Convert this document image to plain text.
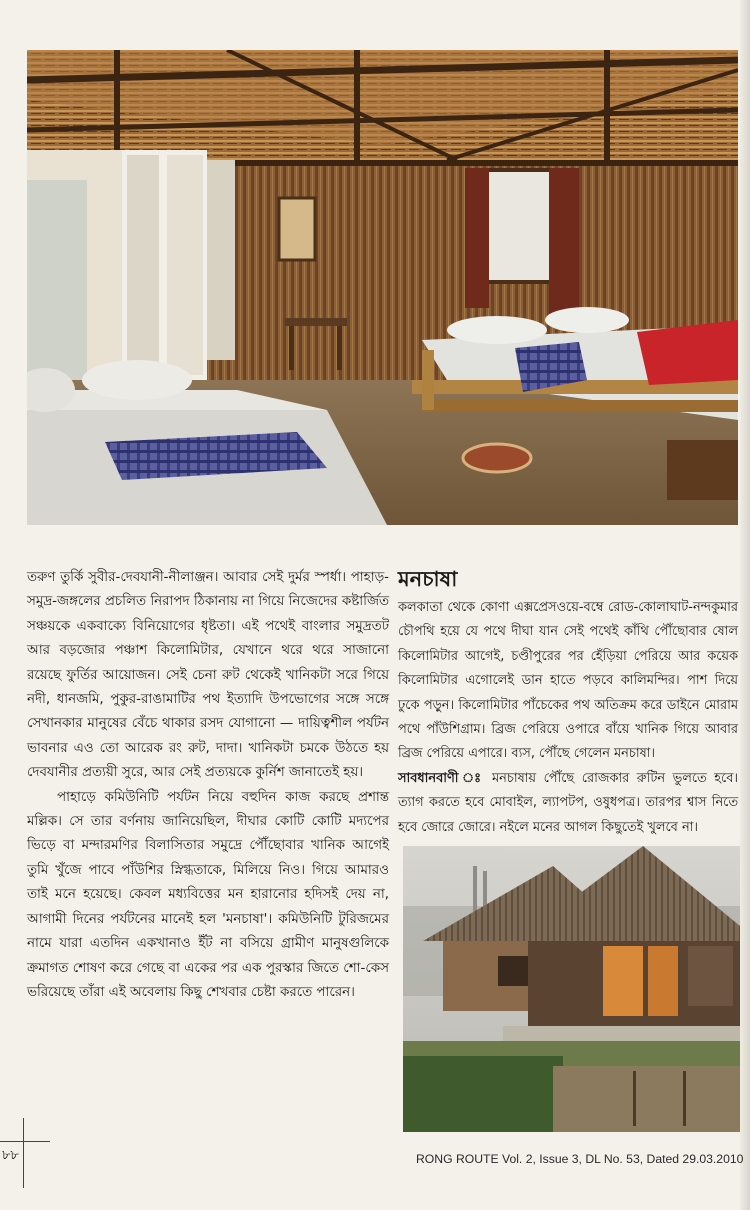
তরুণ তুর্কি সুবীর-দেবযানী-নীলাঞ্জন। আবার সেই দুর্মর স্পর্ধা। পাহাড়-সমুদ্র-জঙ্গলের প্রচলিত নিরাপদ ঠিকানায় না গিয়ে নিজেদের কষ্টার্জিত সঞ্চয়কে একবাক্যে বিনিয়োগের ধৃষ্টতা। এই পথেই বাংলার সমুদ্রতট আর বড়জোর পঞ্চাশ কিলোমিটার, যেখানে থরে থরে সাজানো রয়েছে ফুর্তির আয়োজন। সেই চেনা রুট থেকেই খানিকটা সরে গিয়ে নদী, ধানজমি, পুকুর-রাঙামাটির পথ ইত্যাদি উপভোগের সঙ্গে সঙ্গে সেখানকার মানুষের বেঁচে থাকার রসদ যোগানো — দায়িত্বশীল পর্যটন ভাবনার এও তো আরেক রং রুট, দাদা। খানিকটা চমকে উঠতে হয় দেবযানীর প্রত্যয়ী সুরে, আর সেই প্রত্যয়কে কুর্নিশ জানাতেই হয়।

পাহাড়ে কমিউনিটি পর্যটন নিয়ে বহুদিন কাজ করছে প্রশান্ত মল্লিক। সে তার বর্ণনায় জানিয়েছিল, দীঘার কোটি কোটি মদ্যপের ভিড়ে বা মন্দারমণির বিলাসিতার সমুদ্রে পৌঁছোবার খানিক আগেই তুমি খুঁজে পাবে পাঁউশির স্নিগ্ধতাকে, মিলিয়ে নিও। গিয়ে আমারও তাই মনে হয়েছে। কেবল মধ্যবিত্তের মন হারানোর হদিসই দেয় না, আগামী দিনের পর্যটনের মানেই হল 'মনচাষা'। কমিউনিটি টুরিজমের নামে যারা এতদিন একখানাও ইঁট না বসিয়ে গ্রামীণ মানুষগুলিকে ক্রমাগত শোষণ করে গেছে বা একের পর এক পুরস্কার জিতে শো-কেস ভরিয়েছে তাঁরা এই অবেলায় কিছু শেখবার চেষ্টা করতে পারেন।

মনচাষা

কলকাতা থেকে কোণা এক্সপ্রেসওয়ে-বম্বে রোড-কোলাঘাট-নন্দকুমার চৌপথি হয়ে যে পথে দীঘা যান সেই পথেই কাঁথি পৌঁছোবার ষোল কিলোমিটার আগেই, চণ্ডীপুরের পর হেঁড়িয়া পেরিয়ে আর কয়েক কিলোমিটার এগোলেই ডান হাতে পড়বে কালিমন্দির। পাশ দিয়ে ঢুকে পড়ুন। কিলোমিটার পাঁচেকের পথ অতিক্রম করে ডাইনে মোরাম পথে পাঁউশিগ্রাম। ব্রিজ পেরিয়ে ওপারে বাঁয়ে খানিক গিয়ে আবার ব্রিজ পেরিয়ে এপারে। ব্যস, পৌঁছে গেলেন মনচাষা।

সাবধানবাণী ঃ মনচাষায় পৌঁছে রোজকার রুটিন ভুলতে হবে। ত্যাগ করতে হবে মোবাইল, ল্যাপটপ, ওষুধপত্র। তারপর শ্বাস নিতে হবে জোরে জোরে। নইলে মনের আগল কিছুতেই খুলবে না।

৮৮	RONG ROUTE Vol. 2, Issue 3, DL No. 53, Dated 29.03.2010
